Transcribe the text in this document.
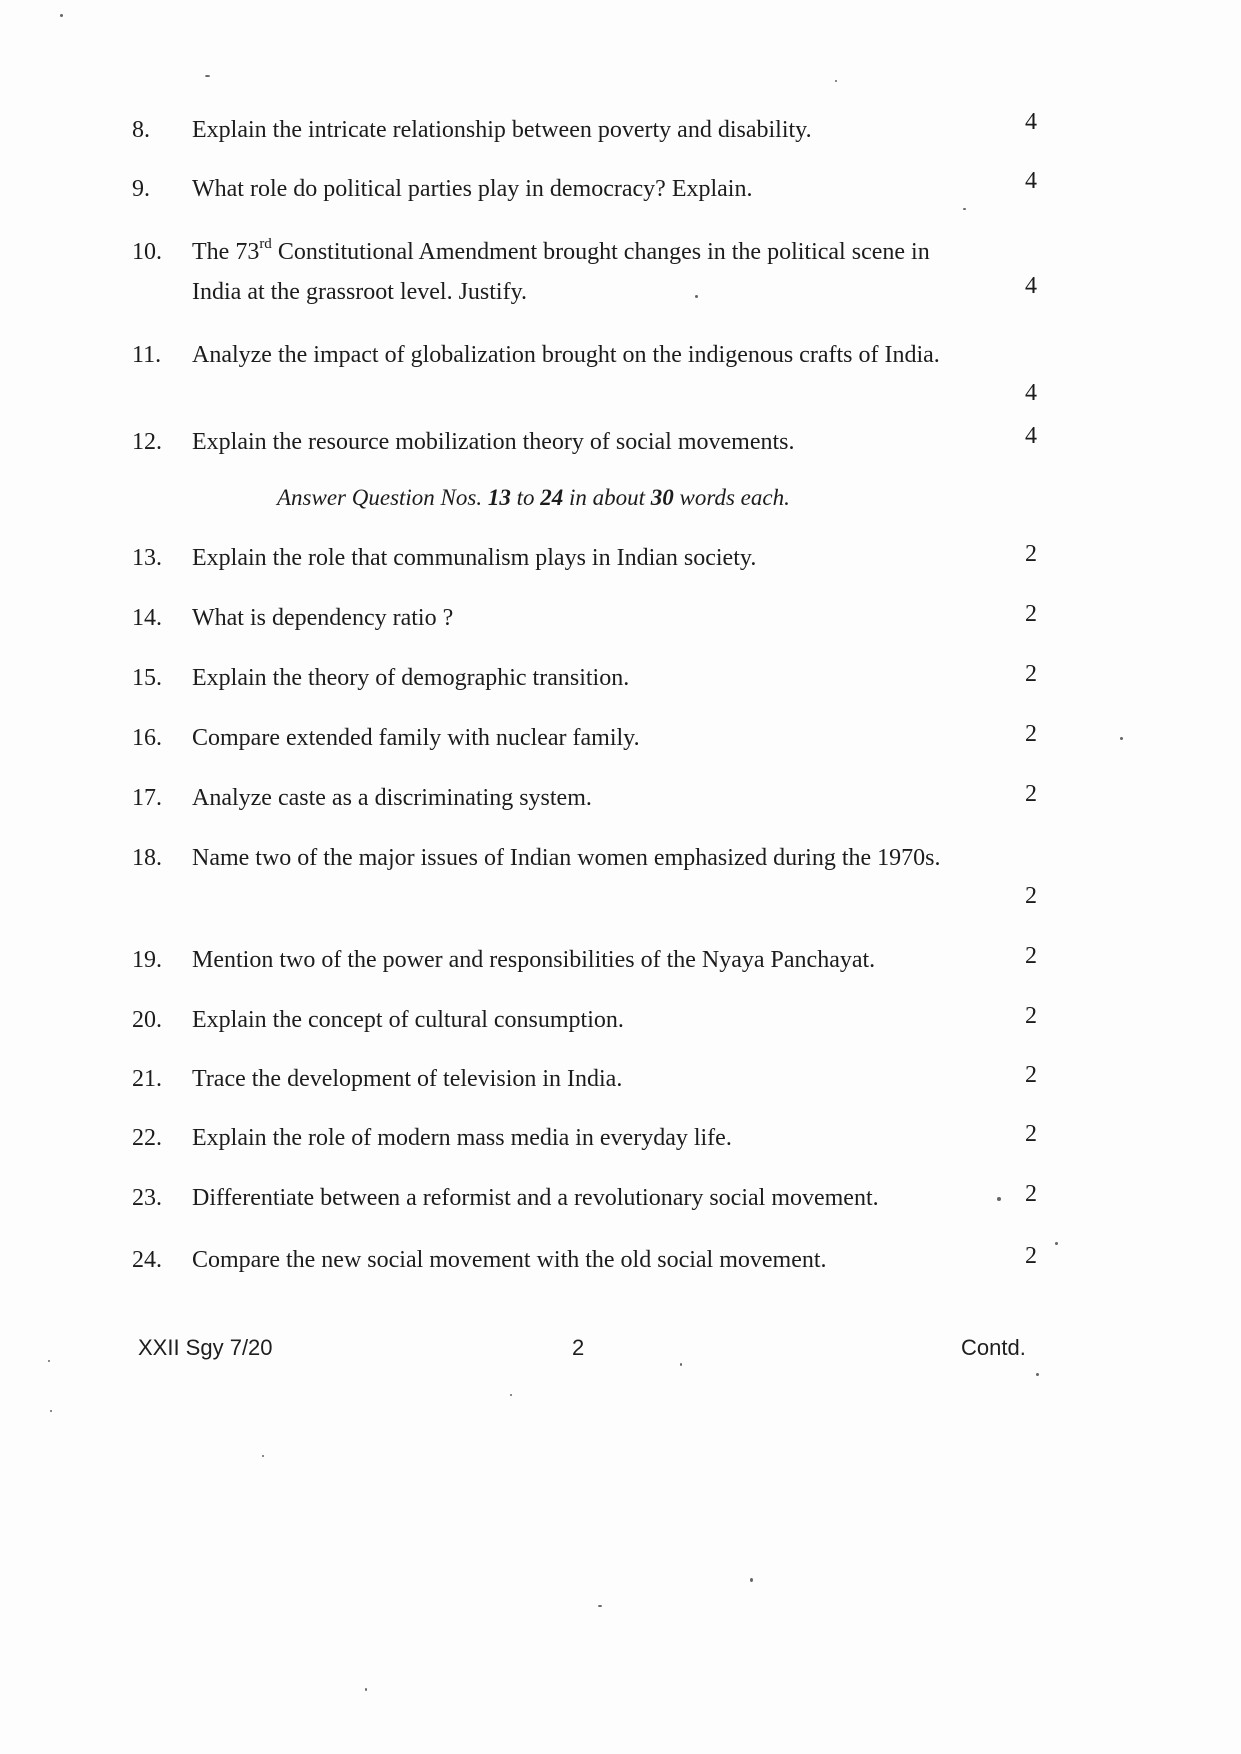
8.	Explain the intricate relationship between poverty and disability.	4
9.	What role do political parties play in democracy? Explain.	4
10.	The 73rd Constitutional Amendment brought changes in the political scene in
India at the grassroot level. Justify.	4
11.	Analyze the impact of globalization brought on the indigenous crafts of India.
4
12.	Explain the resource mobilization theory of social movements.	4
Answer Question Nos. 13 to 24 in about 30 words each.
13.	Explain the role that communalism plays in Indian society.	2
14.	What is dependency ratio ?	2
15.	Explain the theory of demographic transition.	2
16.	Compare extended family with nuclear family.	2
17.	Analyze caste as a discriminating system.	2
18.	Name two of the major issues of Indian women emphasized during the 1970s.
2
19.	Mention two of the power and responsibilities of the Nyaya Panchayat.	2
20.	Explain the concept of cultural consumption.	2
21.	Trace the development of television in India.	2
22.	Explain the role of modern mass media in everyday life.	2
23.	Differentiate between a reformist and a revolutionary social movement.	2
24.	Compare the new social movement with the old social movement.	2
XXII Sgy 7/20	2	Contd.
